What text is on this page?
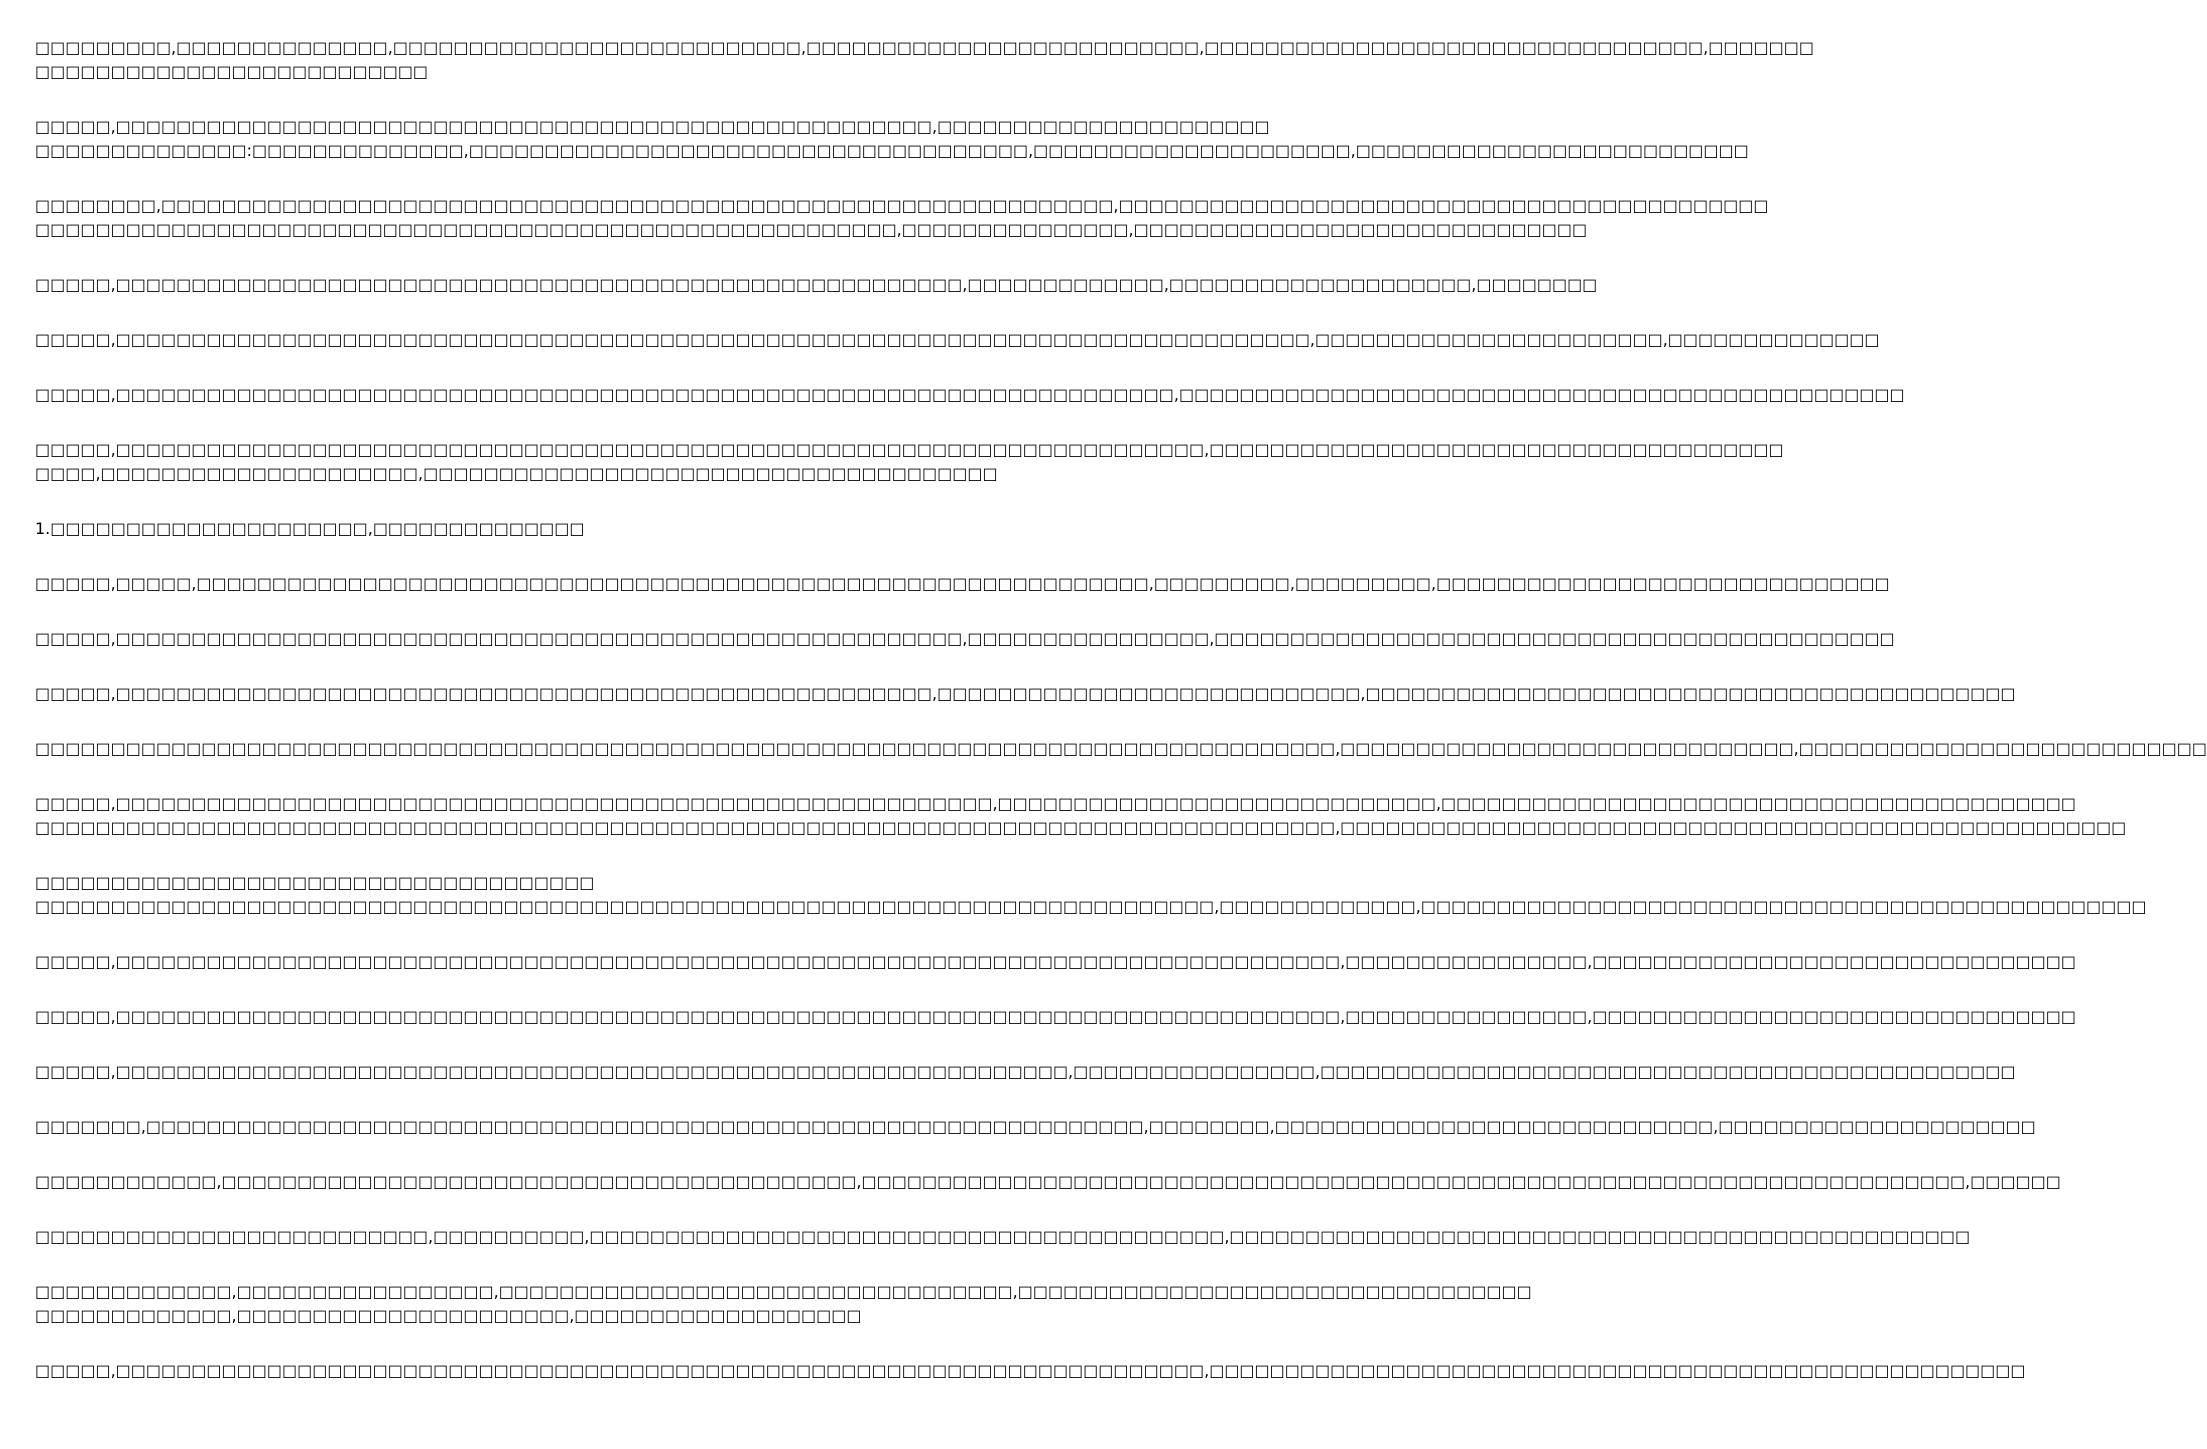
□□□□□□□□□,□□□□□□□□□□□□□□,□□□□□□□□□□□□□□□□□□□□□□□□□□□,□□□□□□□□□□□□□□□□□□□□□□□□□□,□□□□□□□□□□□□□□□□□□□□□□□□□□□□□□□□□,□□□□□□□
□□□□□□□□□□□□□□□□□□□□□□□□□□
□□□□□,□□□□□□□□□□□□□□□□□□□□□□□□□□□□□□□□□□□□□□□□□□□□□□□□□□□□□□,□□□□□□□□□□□□□□□□□□□□□□
□□□□□□□□□□□□□□:□□□□□□□□□□□□□□,□□□□□□□□□□□□□□□□□□□□□□□□□□□□□□□□□□□□□,□□□□□□□□□□□□□□□□□□□□□,□□□□□□□□□□□□□□□□□□□□□□□□□□
□□□□□□□□,□□□□□□□□□□□□□□□□□□□□□□□□□□□□□□□□□□□□□□□□□□□□□□□□□□□□□□□□□□□□□□□,□□□□□□□□□□□□□□□□□□□□□□□□□□□□□□□□□□□□□□□□□□□
□□□□□□□□□□□□□□□□□□□□□□□□□□□□□□□□□□□□□□□□□□□□□□□□□□□□□□□□□,□□□□□□□□□□□□□□□,□□□□□□□□□□□□□□□□□□□□□□□□□□□□□□
□□□□□,□□□□□□□□□□□□□□□□□□□□□□□□□□□□□□□□□□□□□□□□□□□□□□□□□□□□□□□□,□□□□□□□□□□□□□,□□□□□□□□□□□□□□□□□□□□,□□□□□□□□
□□□□□,□□□□□□□□□□□□□□□□□□□□□□□□□□□□□□□□□□□□□□□□□□□□□□□□□□□□□□□□□□□□□□□□□□□□□□□□□□□□□□□,□□□□□□□□□□□□□□□□□□□□□□□,□□□□□□□□□□□□□□
□□□□□,□□□□□□□□□□□□□□□□□□□□□□□□□□□□□□□□□□□□□□□□□□□□□□□□□□□□□□□□□□□□□□□□□□□□□□,□□□□□□□□□□□□□□□□□□□□□□□□□□□□□□□□□□□□□□□□□□□□□□□□
□□□□□,□□□□□□□□□□□□□□□□□□□□□□□□□□□□□□□□□□□□□□□□□□□□□□□□□□□□□□□□□□□□□□□□□□□□□□□□,□□□□□□□□□□□□□□□□□□□□□□□□□□□□□□□□□□□□□□
□□□□,□□□□□□□□□□□□□□□□□□□□□,□□□□□□□□□□□□□□□□□□□□□□□□□□□□□□□□□□□□□□
1.□□□□□□□□□□□□□□□□□□□□□,□□□□□□□□□□□□□□
□□□□□,□□□□□,□□□□□□□□□□□□□□□□□□□□□□□□□□□□□□□□□□□□□□□□□□□□□□□□□□□□□□□□□□□□□□□,□□□□□□□□□,□□□□□□□□□,□□□□□□□□□□□□□□□□□□□□□□□□□□□□□□
□□□□□,□□□□□□□□□□□□□□□□□□□□□□□□□□□□□□□□□□□□□□□□□□□□□□□□□□□□□□□□,□□□□□□□□□□□□□□□□,□□□□□□□□□□□□□□□□□□□□□□□□□□□□□□□□□□□□□□□□□□□□□
□□□□□,□□□□□□□□□□□□□□□□□□□□□□□□□□□□□□□□□□□□□□□□□□□□□□□□□□□□□□,□□□□□□□□□□□□□□□□□□□□□□□□□□□□,□□□□□□□□□□□□□□□□□□□□□□□□□□□□□□□□□□□□□□□□□□□
□□□□□□□□□□□□□□□□□□□□□□□□□□□□□□□□□□□□□□□□□□□□□□□□□□□□□□□□□□□□□□□□□□□□□□□□□□□□□□□□□□□□□□,□□□□□□□□□□□□□□□□□□□□□□□□□□□□□□,□□□□□□□□□□□□□□□□□□□□□□□□□□□
□□□□□,□□□□□□□□□□□□□□□□□□□□□□□□□□□□□□□□□□□□□□□□□□□□□□□□□□□□□□□□□□,□□□□□□□□□□□□□□□□□□□□□□□□□□□□□,□□□□□□□□□□□□□□□□□□□□□□□□□□□□□□□□□□□□□□□□□□
□□□□□□□□□□□□□□□□□□□□□□□□□□□□□□□□□□□□□□□□□□□□□□□□□□□□□□□□□□□□□□□□□□□□□□□□□□□□□□□□□□□□□□,□□□□□□□□□□□□□□□□□□□□□□□□□□□□□□□□□□□□□□□□□□□□□□□□□□□□
□□□□□□□□□□□□□□□□□□□□□□□□□□□□□□□□□□□□□
□□□□□□□□□□□□□□□□□□□□□□□□□□□□□□□□□□□□□□□□□□□□□□□□□□□□□□□□□□□□□□□□□□□□□□□□□□□□□□,□□□□□□□□□□□□□,□□□□□□□□□□□□□□□□□□□□□□□□□□□□□□□□□□□□□□□□□□□□□□□□
□□□□□,□□□□□□□□□□□□□□□□□□□□□□□□□□□□□□□□□□□□□□□□□□□□□□□□□□□□□□□□□□□□□□□□□□□□□□□□□□□□□□□□□,□□□□□□□□□□□□□□□□,□□□□□□□□□□□□□□□□□□□□□□□□□□□□□□□□
□□□□□,□□□□□□□□□□□□□□□□□□□□□□□□□□□□□□□□□□□□□□□□□□□□□□□□□□□□□□□□□□□□□□□□□□□□□□□□□□□□□□□□□,□□□□□□□□□□□□□□□□,□□□□□□□□□□□□□□□□□□□□□□□□□□□□□□□□
□□□□□,□□□□□□□□□□□□□□□□□□□□□□□□□□□□□□□□□□□□□□□□□□□□□□□□□□□□□□□□□□□□□□□,□□□□□□□□□□□□□□□□,□□□□□□□□□□□□□□□□□□□□□□□□□□□□□□□□□□□□□□□□□□□□□□
□□□□□□□,□□□□□□□□□□□□□□□□□□□□□□□□□□□□□□□□□□□□□□□□□□□□□□□□□□□□□□□□□□□□□□□□□□,□□□□□□□□,□□□□□□□□□□□□□□□□□□□□□□□□□□□□□,□□□□□□□□□□□□□□□□□□□□□
□□□□□□□□□□□□,□□□□□□□□□□□□□□□□□□□□□□□□□□□□□□□□□□□□□□□□□□,□□□□□□□□□□□□□□□□□□□□□□□□□□□□□□□□□□□□□□□□□□□□□□□□□□□□□□□□□□□□□□□□□□□□□□□□□,□□□□□□
□□□□□□□□□□□□□□□□□□□□□□□□□□,□□□□□□□□□□,□□□□□□□□□□□□□□□□□□□□□□□□□□□□□□□□□□□□□□□□□□,□□□□□□□□□□□□□□□□□□□□□□□□□□□□□□□□□□□□□□□□□□□□□□□□□
□□□□□□□□□□□□□,□□□□□□□□□□□□□□□□□,□□□□□□□□□□□□□□□□□□□□□□□□□□□□□□□□□□,□□□□□□□□□□□□□□□□□□□□□□□□□□□□□□□□□□
□□□□□□□□□□□□□,□□□□□□□□□□□□□□□□□□□□□□,□□□□□□□□□□□□□□□□□□□
□□□□□,□□□□□□□□□□□□□□□□□□□□□□□□□□□□□□□□□□□□□□□□□□□□□□□□□□□□□□□□□□□□□□□□□□□□□□□□,□□□□□□□□□□□□□□□□□□□□□□□□□□□□□□□□□□□□□□□□□□□□□□□□□□□□□□
